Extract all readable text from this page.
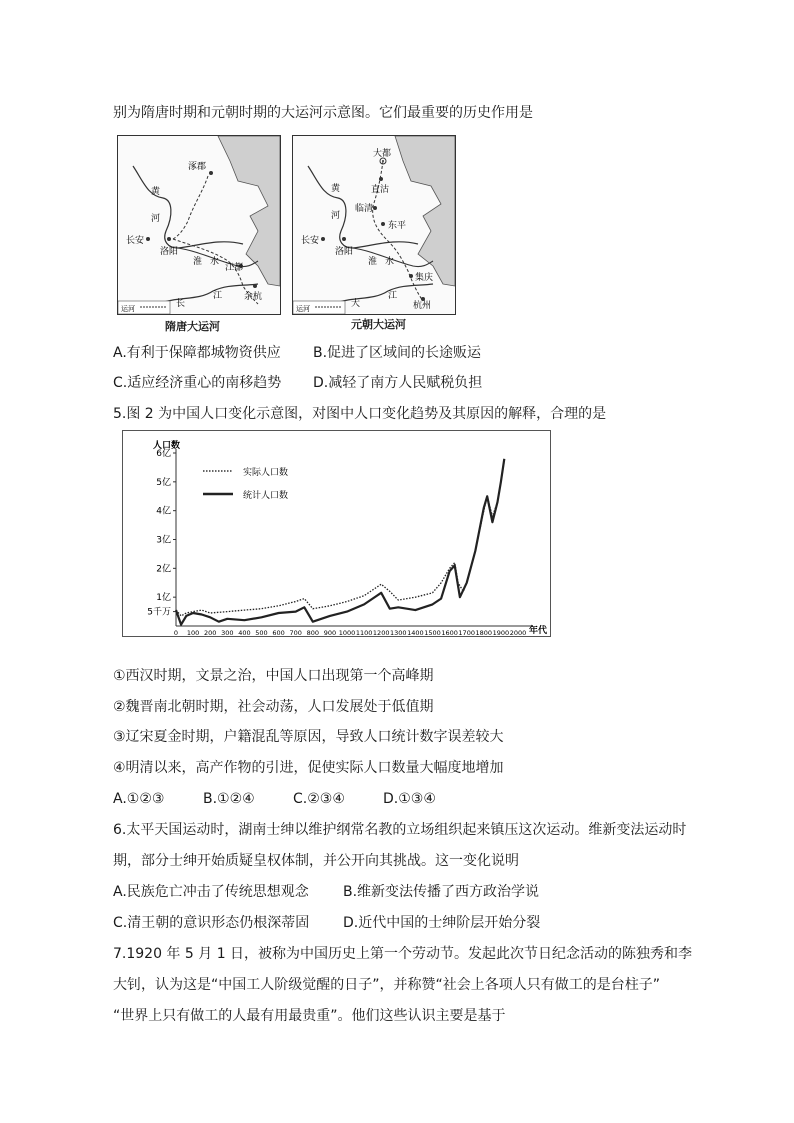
别为隋唐时期和元朝时期的大运河示意图。它们最重要的历史作用是
涿郡
黄
河
长安
洛阳
淮 水
江都
长
江 余杭
运河
隋唐大运河
大都
直沽
黄
河
临清
东平
长安
洛阳
淮 水
集庆
大
江
杭州
运河
元朝大运河
A.有利于保障都城物资供应 B.促进了区域间的长途贩运
C.适应经济重心的南移趋势 D.减轻了南方人民赋税负担
5.图 2 为中国人口变化示意图，对图中人口变化趋势及其原因的解释，合理的是
人口数
年代
实际人口数
统计人口数
5千万
1亿
2亿
3亿
4亿
5亿
6亿
0 100 200 300 400 500 600 700 800 900 1000 1100 1200 1300 1400 1500 1600 1700 1800 1900 2000
①西汉时期，文景之治，中国人口出现第一个高峰期
②魏晋南北朝时期，社会动荡，人口发展处于低值期
③辽宋夏金时期，户籍混乱等原因，导致人口统计数字误差较大
④明清以来，高产作物的引进，促使实际人口数量大幅度地增加
A.①②③	B.①②④	C.②③④	D.①③④
6.太平天国运动时，湖南士绅以维护纲常名教的立场组织起来镇压这次运动。维新变法运动时
期，部分士绅开始质疑皇权体制，并公开向其挑战。这一变化说明
A.民族危亡冲击了传统思想观念 B.维新变法传播了西方政治学说
C.清王朝的意识形态仍根深蒂固 D.近代中国的士绅阶层开始分裂
7.1920 年 5 月 1 日，被称为中国历史上第一个劳动节。发起此次节日纪念活动的陈独秀和李
大钊，认为这是“中国工人阶级觉醒的日子”，并称赞“社会上各项人只有做工的是台柱子”
“世界上只有做工的人最有用最贵重”。他们这些认识主要是基于
